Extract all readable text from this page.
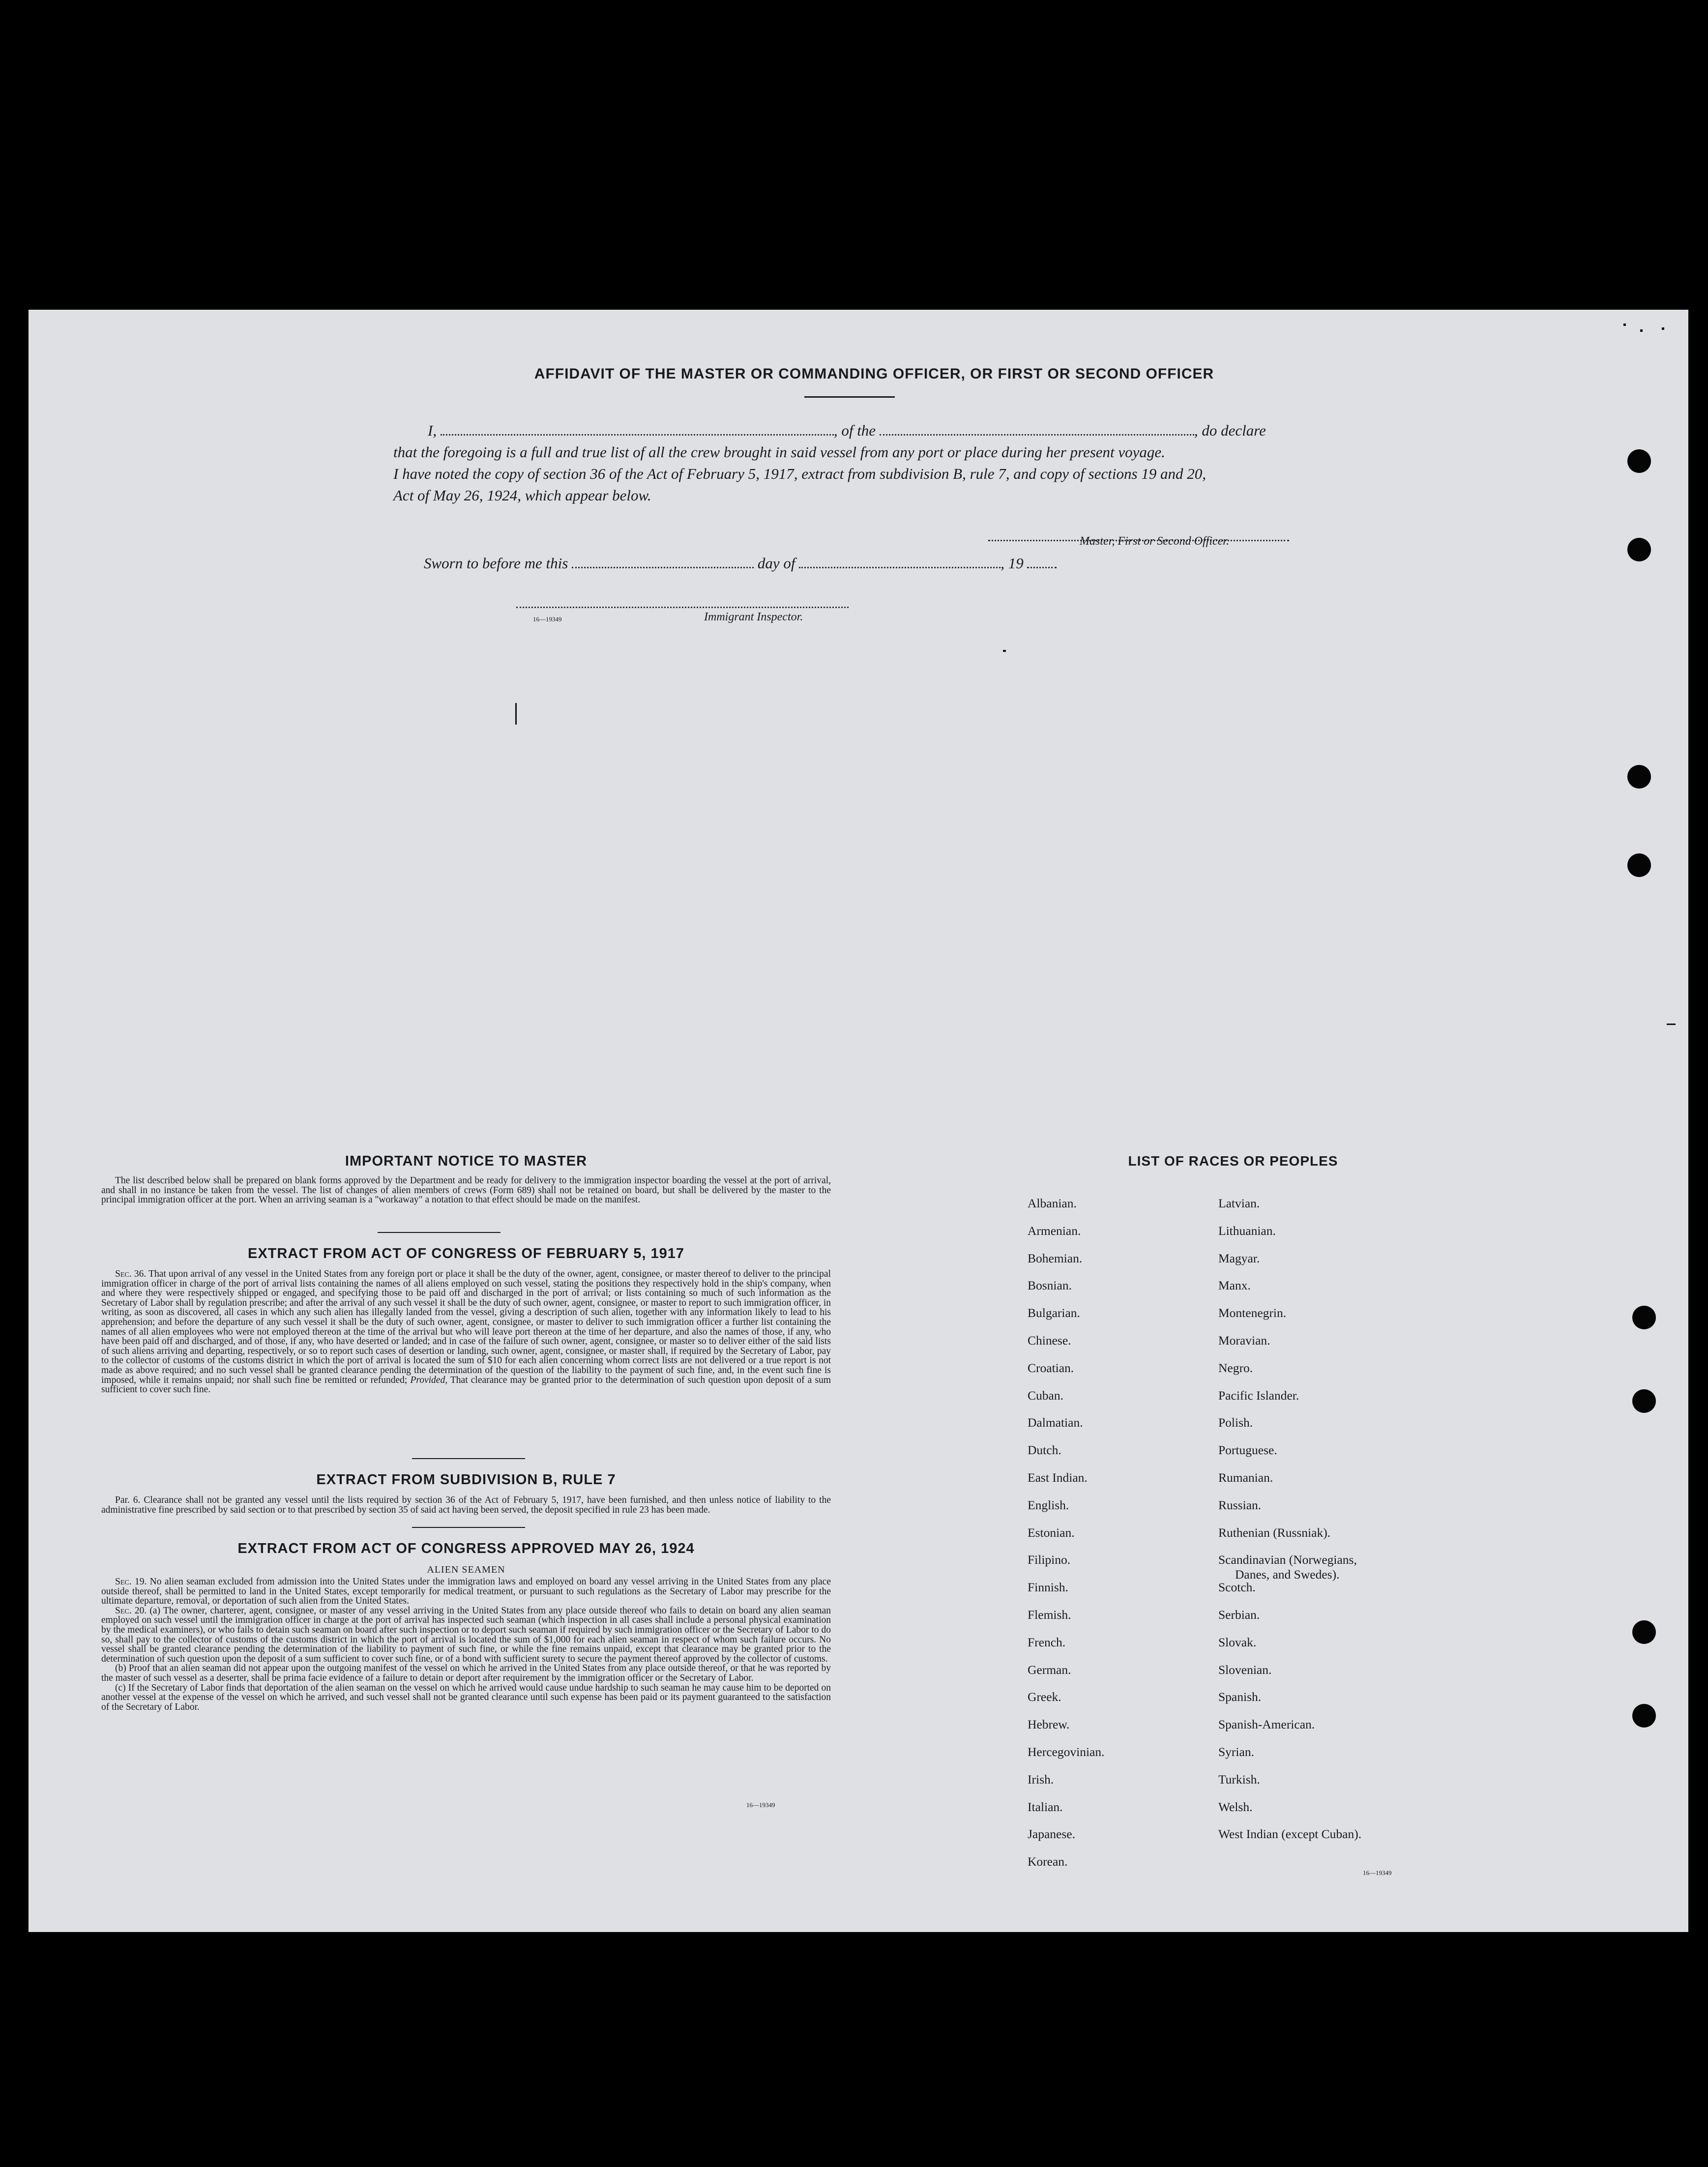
AFFIDAVIT OF THE MASTER OR COMMANDING OFFICER, OR FIRST OR SECOND OFFICER
I,	, of the	, do declare
that the foregoing is a full and true list of all the crew brought in said vessel from any port or place during her present voyage.
I have noted the copy of section 36 of the Act of February 5, 1917, extract from subdivision B, rule 7, and copy of sections 19 and 20,
Act of May 26, 1924, which appear below.
Master, First or Second Officer.
Sworn to before me this	day of	, 19
16—19349	Immigrant Inspector.
IMPORTANT NOTICE TO MASTER

The list described below shall be prepared on blank forms approved by the Department and be ready for delivery to the immigration inspector boarding the vessel at the port of arrival, and shall in no instance be taken from the vessel. The list of changes of alien members of crews (Form 689) shall not be retained on board, but shall be delivered by the master to the principal immigration officer at the port. When an arriving seaman is a "workaway" a notation to that effect should be made on the manifest.

EXTRACT FROM ACT OF CONGRESS OF FEBRUARY 5, 1917

Sec. 36. That upon arrival of any vessel in the United States from any foreign port or place it shall be the duty of the owner, agent, consignee, or master thereof to deliver to the principal immigration officer in charge of the port of arrival lists containing the names of all aliens employed on such vessel, stating the positions they respectively hold in the ship's company, when and where they were respectively shipped or engaged, and specifying those to be paid off and discharged in the port of arrival; or lists containing so much of such information as the Secretary of Labor shall by regulation prescribe; and after the arrival of any such vessel it shall be the duty of such owner, agent, consignee, or master to report to such immigration officer, in writing, as soon as discovered, all cases in which any such alien has illegally landed from the vessel, giving a description of such alien, together with any information likely to lead to his apprehension; and before the departure of any such vessel it shall be the duty of such owner, agent, consignee, or master to deliver to such immigration officer a further list containing the names of all alien employees who were not employed thereon at the time of the arrival but who will leave port thereon at the time of her departure, and also the names of those, if any, who have been paid off and discharged, and of those, if any, who have deserted or landed; and in case of the failure of such owner, agent, consignee, or master so to deliver either of the said lists of such aliens arriving and departing, respectively, or so to report such cases of desertion or landing, such owner, agent, consignee, or master shall, if required by the Secretary of Labor, pay to the collector of customs of the customs district in which the port of arrival is located the sum of $10 for each alien concerning whom correct lists are not delivered or a true report is not made as above required; and no such vessel shall be granted clearance pending the determination of the question of the liability to the payment of such fine, and, in the event such fine is imposed, while it remains unpaid; nor shall such fine be remitted or refunded; Provided, That clearance may be granted prior to the determination of such question upon deposit of a sum sufficient to cover such fine.

EXTRACT FROM SUBDIVISION B, RULE 7

Par. 6. Clearance shall not be granted any vessel until the lists required by section 36 of the Act of February 5, 1917, have been furnished, and then unless notice of liability to the administrative fine prescribed by said section or to that prescribed by section 35 of said act having been served, the deposit specified in rule 23 has been made.

EXTRACT FROM ACT OF CONGRESS APPROVED MAY 26, 1924
ALIEN SEAMEN

Sec. 19. No alien seaman excluded from admission into the United States under the immigration laws and employed on board any vessel arriving in the United States from any place outside thereof, shall be permitted to land in the United States, except temporarily for medical treatment, or pursuant to such regulations as the Secretary of Labor may prescribe for the ultimate departure, removal, or deportation of such alien from the United States.

Sec. 20. (a) The owner, charterer, agent, consignee, or master of any vessel arriving in the United States from any place outside thereof who fails to detain on board any alien seaman employed on such vessel until the immigration officer in charge at the port of arrival has inspected such seaman (which inspection in all cases shall include a personal physical examination by the medical examiners), or who fails to detain such seaman on board after such inspection or to deport such seaman if required by such immigration officer or the Secretary of Labor to do so, shall pay to the collector of customs of the customs district in which the port of arrival is located the sum of $1,000 for each alien seaman in respect of whom such failure occurs. No vessel shall be granted clearance pending the determination of the liability to payment of such fine, or while the fine remains unpaid, except that clearance may be granted prior to the determination of such question upon the deposit of a sum sufficient to cover such fine, or of a bond with sufficient surety to secure the payment thereof approved by the collector of customs.

(b) Proof that an alien seaman did not appear upon the outgoing manifest of the vessel on which he arrived in the United States from any place outside thereof, or that he was reported by the master of such vessel as a deserter, shall be prima facie evidence of a failure to detain or deport after requirement by the immigration officer or the Secretary of Labor.

(c) If the Secretary of Labor finds that deportation of the alien seaman on the vessel on which he arrived would cause undue hardship to such seaman he may cause him to be deported on another vessel at the expense of the vessel on which he arrived, and such vessel shall not be granted clearance until such expense has been paid or its payment guaranteed to the satisfaction of the Secretary of Labor.

16—19349
LIST OF RACES OR PEOPLES
16—19349
Albanian.
Armenian.
Bohemian.
Bosnian.
Bulgarian.
Chinese.
Croatian.
Cuban.
Dalmatian.
Dutch.
East Indian.
English.
Estonian.
Filipino.
Finnish.
Flemish.
French.
German.
Greek.
Hebrew.
Hercegovinian.
Irish.
Italian.
Japanese.
Korean.
Latvian.
Lithuanian.
Magyar.
Manx.
Montenegrin.
Moravian.
Negro.
Pacific Islander.
Polish.
Portuguese.
Rumanian.
Russian.
Ruthenian (Russniak).
Scandinavian (Norwegians,
Danes, and Swedes).
Scotch.
Serbian.
Slovak.
Slovenian.
Spanish.
Spanish-American.
Syrian.
Turkish.
Welsh.
West Indian (except Cuban).
